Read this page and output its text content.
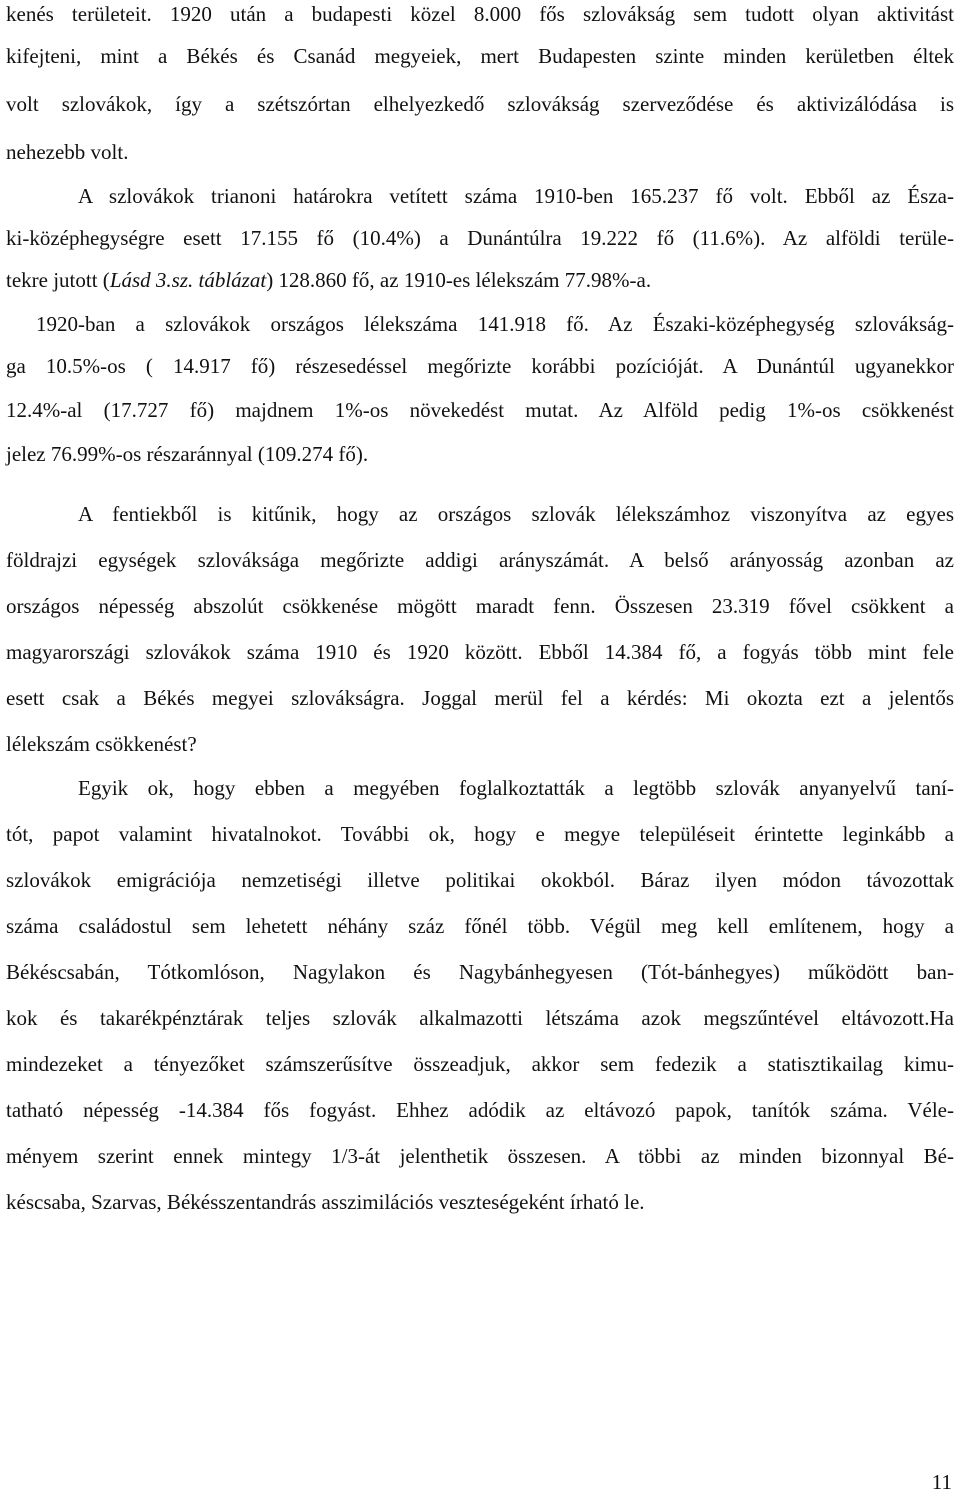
kenés területeit. 1920 után a budapesti közel 8.000 fős szlovákság sem tudott olyan aktivitást
kifejteni, mint a Békés és Csanád megyeiek, mert Budapesten szinte minden kerületben éltek
volt szlovákok, így a szétszórtan elhelyezkedő szlovákság szerveződése és aktivizálódása is
nehezebb volt.
A szlovákok trianoni határokra vetített száma 1910-ben 165.237 fő volt. Ebből az Észa-
ki-középhegységre esett 17.155 fő (10.4%) a Dunántúlra 19.222 fő (11.6%). Az alföldi terüle-
tekre jutott (Lásd 3.sz. táblázat) 128.860 fő, az 1910-es lélekszám 77.98%-a.
1920-ban a szlovákok országos lélekszáma 141.918 fő. Az Északi-középhegység szlovákság-
ga 10.5%-os ( 14.917 fő) részesedéssel megőrizte korábbi pozícióját. A Dunántúl ugyanekkor
12.4%-al (17.727 fő) majdnem 1%-os növekedést mutat. Az Alföld pedig 1%-os csökkenést
jelez 76.99%-os részaránnyal (109.274 fő).
A fentiekből is kitűnik, hogy az országos szlovák lélekszámhoz viszonyítva az egyes
földrajzi egységek szlováksága megőrizte addigi arányszámát. A belső arányosság azonban az
országos népesség abszolút csökkenése mögött maradt fenn. Összesen 23.319 fővel csökkent a
magyarországi szlovákok száma 1910 és 1920 között. Ebből 14.384 fő, a fogyás több mint fele
esett csak a Békés megyei szlovákságra. Joggal merül fel a kérdés: Mi okozta ezt a jelentős
lélekszám csökkenést?
Egyik ok, hogy ebben a megyében foglalkoztatták a legtöbb szlovák anyanyelvű taní-
tót, papot valamint hivatalnokot. További ok, hogy e megye településeit érintette leginkább a
szlovákok emigrációja nemzetiségi illetve politikai okokból. Báraz ilyen módon távozottak
száma családostul sem lehetett néhány száz főnél több. Végül meg kell említenem, hogy a
Békéscsabán, Tótkomlóson, Nagylakon és Nagybánhegyesen (Tót-bánhegyes) működött ban-
kok és takarékpénztárak teljes szlovák alkalmazotti létszáma azok megszűntével eltávozott.Ha
mindezeket a tényezőket számszerűsítve összeadjuk, akkor sem fedezik a statisztikailag kimu-
tatható népesség -14.384 fős fogyást. Ehhez adódik az eltávozó papok, tanítók száma. Véle-
ményem szerint ennek mintegy 1/3-át jelenthetik összesen. A többi az minden bizonnyal Bé-
késcsaba, Szarvas, Békésszentandrás asszimilációs veszteségeként írható le.
11
